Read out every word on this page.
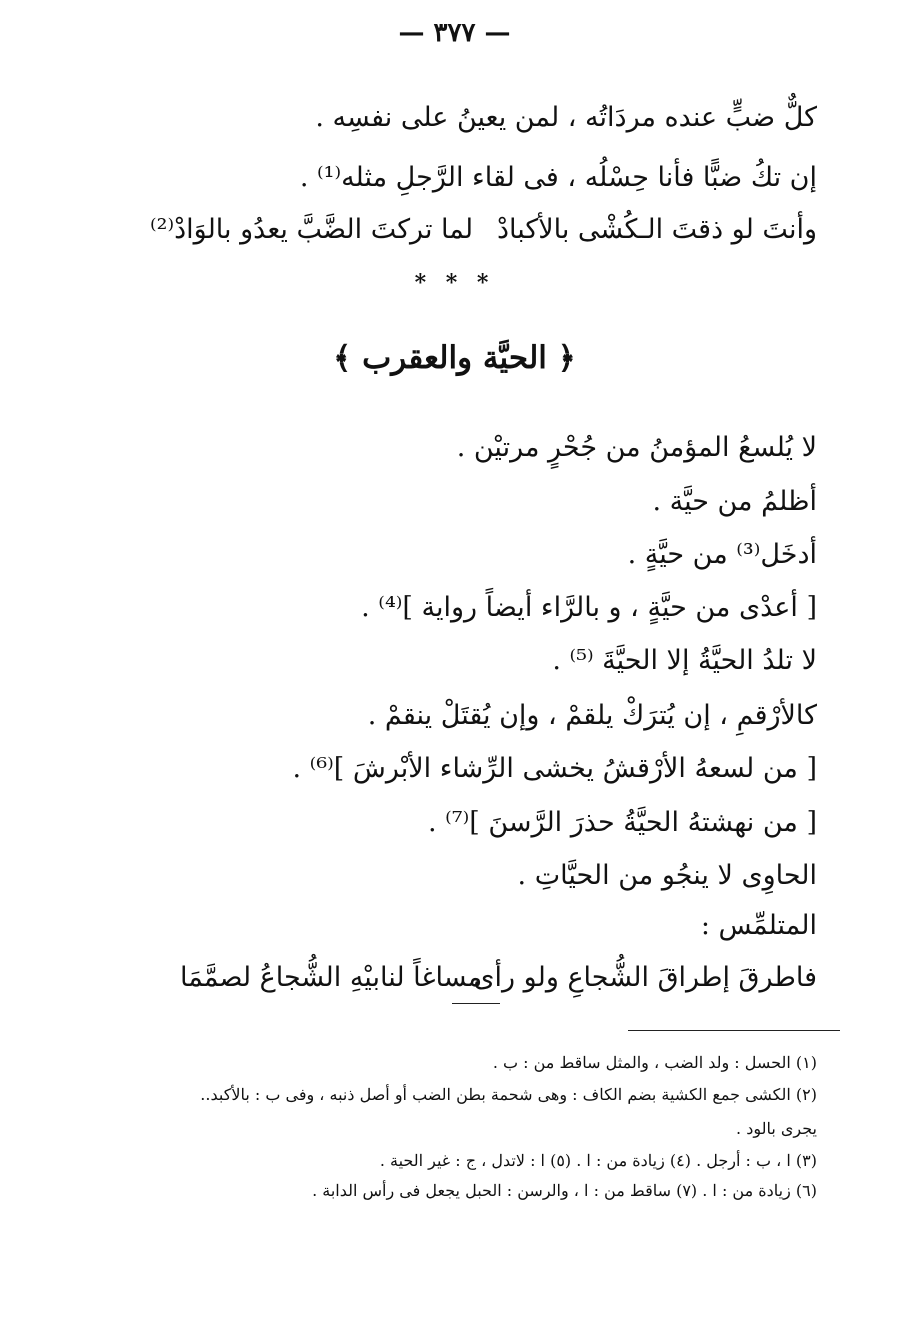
— ٣٧٧ —
كلٌّ ضبٍّ عنده مردَاتُه ، لمن يعينُ على نفسِه .
إن تكُ ضبًّا فأنا حِسْلُه ، فى لقاء الرَّجلِ مثله⁽¹⁾ .
وأنتَ لو ذقتَ الـكُشْى بالأكبادْ
لما تركتَ الضَّبَّ يعدُو بالوَادْ⁽²⁾
* * *
﴿ الحيَّة والعقرب ﴾
لا يُلسعُ المؤمنُ من جُحْرٍ مرتيْن .
أظلمُ من حيَّة .
أدخَل⁽³⁾ من حيَّةٍ .
[ أعدْى من حيَّةٍ ، و بالرَّاء أيضاً رواية ]⁽⁴⁾ .
لا تلدُ الحيَّةُ إلا الحيَّةَ ⁽⁵⁾ .
كالأرْقمِ ، إن يُترَكْ يلقمْ ، وإن يُقتَلْ ينقمْ .
[ من لسعهُ الأرْقشُ يخشى الرِّشاء الأبْرشَ ]⁽⁶⁾ .
[ من نهشتهُ الحيَّةُ حذرَ الرَّسنَ ]⁽⁷⁾ .
الحاوِى لا ينجُو من الحيَّاتِ .
المتلمِّس :
فاطرقَ إطراقَ الشُّجاعِ ولو رأى
مساغاً لنابيْهِ الشُّجاعُ لصمَّمَا
(١) الحسل : ولد الضب ، والمثل ساقط من : ب .
(٢) الكشى جمع الكشية بضم الكاف : وهى شحمة بطن الضب أو أصل ذنبه ، وفى ب : بالأكبد..
يجرى بالود .
(٣) ا ، ب : أرجل . (٤) زيادة من : ا . (٥) ا : لاتدل ، ج : غير الحية .
(٦) زيادة من : ا . (٧) ساقط من : ا ، والرسن : الحبل يجعل فى رأس الدابة .
